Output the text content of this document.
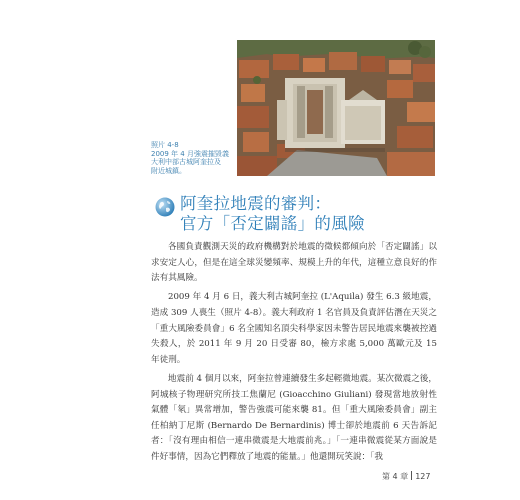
照片 4-8
2009 年 4 月強震摧毀義
大利中部古城阿奎拉及
附近城鎮。
阿奎拉地震的審判：
官方「否定闢謠」的風險

各國負責觀測天災的政府機構對於地震的徵候都傾向於「否定闢謠」以求安定人心，但是在這全球災變頻率、規模上升的年代，這種立意良好的作法有其風險。

2009 年 4 月 6 日，義大利古城阿奎拉 (L'Aquila) 發生 6.3 級地震，造成 309 人喪生（照片 4-8）。義大利政府 1 名官員及負責評估潛在天災之「重大風險委員會」6 名全國知名頂尖科學家因未警告居民地震來襲被控過失殺人，於 2011 年 9 月 20 日受審 80，檢方求處 5,000 萬歐元及 15 年徒刑。

地震前 4 個月以來，阿奎拉曾連續發生多起輕微地震。某次微震之後，阿城核子物理研究所技工焦蘭尼 (Gioacchino Giuliani) 發現當地放射性氣體「氡」異常增加，警告強震可能來襲 81。但「重大風險委員會」副主任柏納丁尼斯 (Bernardo De Bernardinis) 博士卻於地震前 6 天告訴記者：「沒有理由相信一連串微震是大地震前兆。」「一連串微震從某方面說是件好事情，因為它們釋放了地震的能量。」他還開玩笑說：「我

第 4 章 127
